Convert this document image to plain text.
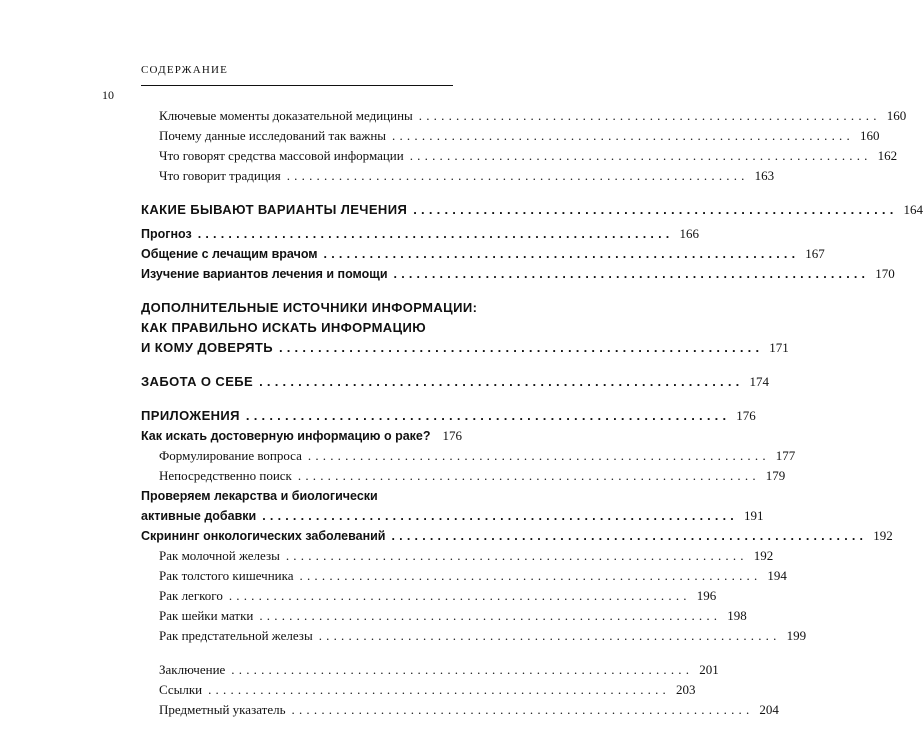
СОДЕРЖАНИЕ
10
Ключевые моменты доказательной медицины .............................................................. 160
Почему данные исследований так важны .............................................................. 160
Что говорят средства массовой информации .............................................................. 162
Что говорит традиция .............................................................. 163
КАКИЕ БЫВАЮТ ВАРИАНТЫ ЛЕЧЕНИЯ .............................................................. 164
Прогноз .............................................................. 166
Общение с лечащим врачом .............................................................. 167
Изучение вариантов лечения и помощи .............................................................. 170
ДОПОЛНИТЕЛЬНЫЕ ИСТОЧНИКИ ИНФОРМАЦИИ:
КАК ПРАВИЛЬНО ИСКАТЬ ИНФОРМАЦИЮ
И КОМУ ДОВЕРЯТЬ .............................................................. 171
ЗАБОТА О СЕБЕ .............................................................. 174
ПРИЛОЖЕНИЯ .............................................................. 176
Как искать достоверную информацию о раке? 176
Формулирование вопроса .............................................................. 177
Непосредственно поиск .............................................................. 179
Проверяем лекарства и биологически
активные добавки .............................................................. 191
Скрининг онкологических заболеваний .............................................................. 192
Рак молочной железы .............................................................. 192
Рак толстого кишечника .............................................................. 194
Рак легкого .............................................................. 196
Рак шейки матки .............................................................. 198
Рак предстательной железы .............................................................. 199
Заключение .............................................................. 201
Ссылки .............................................................. 203
Предметный указатель .............................................................. 204
